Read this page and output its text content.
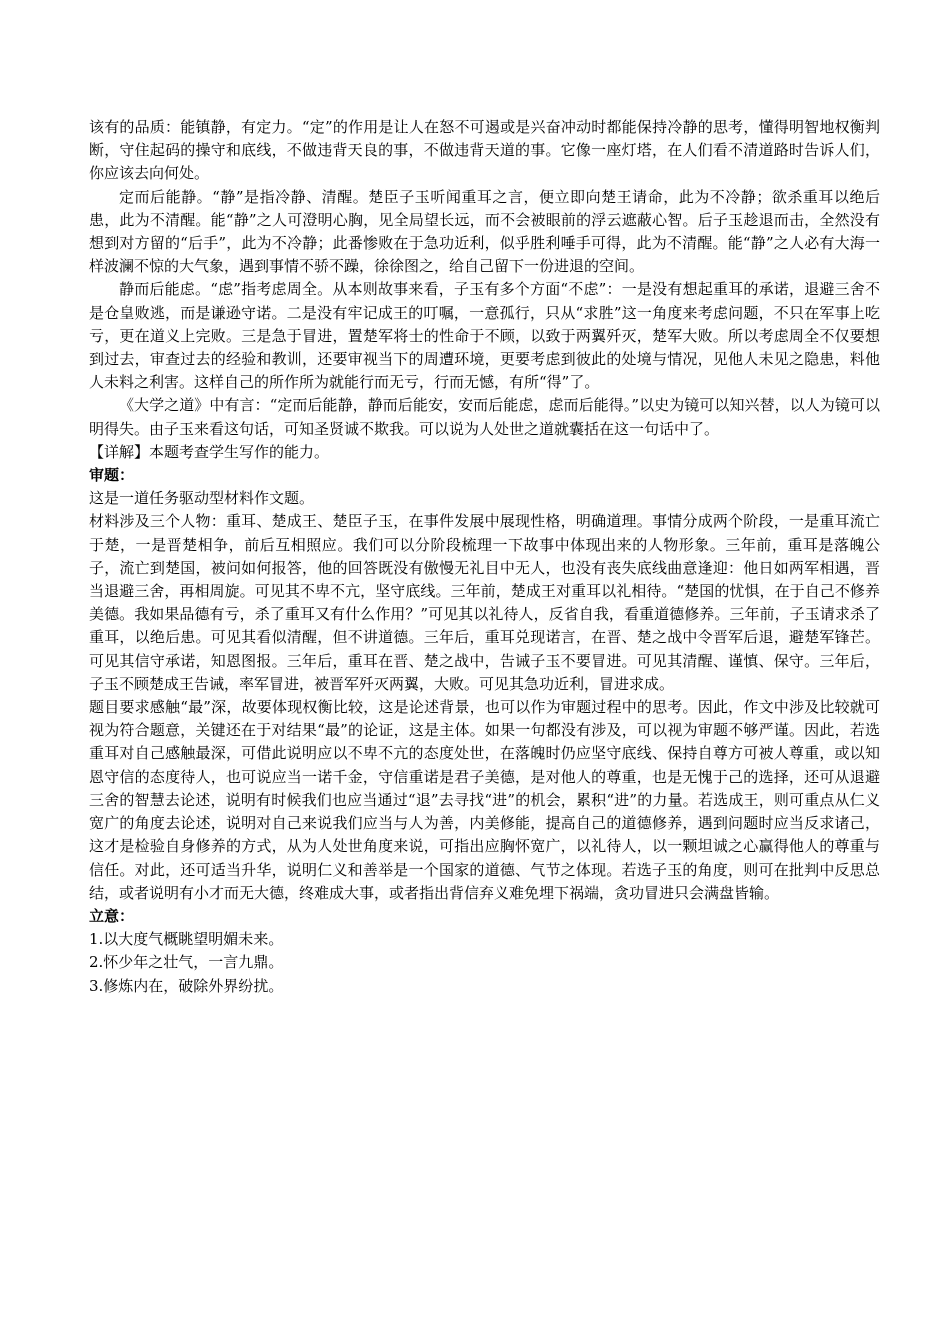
该有的品质：能镇静，有定力。“定”的作用是让人在怒不可遏或是兴奋冲动时都能保持冷静的思考，懂得明智地权衡判断，守住起码的操守和底线，不做违背天良的事，不做违背天道的事。它像一座灯塔，在人们看不清道路时告诉人们，你应该去向何处。

定而后能静。“静”是指冷静、清醒。楚臣子玉听闻重耳之言，便立即向楚王请命，此为不冷静；欲杀重耳以绝后患，此为不清醒。能“静”之人可澄明心胸，见全局望长远，而不会被眼前的浮云遮蔽心智。后子玉趁退而击，全然没有想到对方留的“后手”，此为不冷静；此番惨败在于急功近利，似乎胜利唾手可得，此为不清醒。能“静”之人必有大海一样波澜不惊的大气象，遇到事情不骄不躁，徐徐图之，给自己留下一份进退的空间。

静而后能虑。“虑”指考虑周全。从本则故事来看，子玉有多个方面“不虑”：一是没有想起重耳的承诺，退避三舍不是仓皇败逃，而是谦逊守诺。二是没有牢记成王的叮嘱，一意孤行，只从“求胜”这一角度来考虑问题，不只在军事上吃亏，更在道义上完败。三是急于冒进，置楚军将士的性命于不顾，以致于两翼歼灭，楚军大败。所以考虑周全不仅要想到过去，审查过去的经验和教训，还要审视当下的周遭环境，更要考虑到彼此的处境与情况，见他人未见之隐患，料他人未料之利害。这样自己的所作所为就能行而无亏，行而无憾，有所“得”了。

《大学之道》中有言：“定而后能静，静而后能安，安而后能虑，虑而后能得。”以史为镜可以知兴替，以人为镜可以明得失。由子玉来看这句话，可知圣贤诚不欺我。可以说为人处世之道就囊括在这一句话中了。

【详解】本题考查学生写作的能力。

审题：

这是一道任务驱动型材料作文题。

材料涉及三个人物：重耳、楚成王、楚臣子玉，在事件发展中展现性格，明确道理。事情分成两个阶段，一是重耳流亡于楚，一是晋楚相争，前后互相照应。我们可以分阶段梳理一下故事中体现出来的人物形象。三年前，重耳是落魄公子，流亡到楚国，被问如何报答，他的回答既没有傲慢无礼目中无人，也没有丧失底线曲意逢迎：他日如两军相遇，晋当退避三舍，再相周旋。可见其不卑不亢，坚守底线。三年前，楚成王对重耳以礼相待。“楚国的忧惧，在于自己不修养美德。我如果品德有亏，杀了重耳又有什么作用？”可见其以礼待人，反省自我，看重道德修养。三年前，子玉请求杀了重耳，以绝后患。可见其看似清醒，但不讲道德。三年后，重耳兑现诺言，在晋、楚之战中令晋军后退，避楚军锋芒。可见其信守承诺，知恩图报。三年后，重耳在晋、楚之战中，告诫子玉不要冒进。可见其清醒、谨慎、保守。三年后，子玉不顾楚成王告诫，率军冒进，被晋军歼灭两翼，大败。可见其急功近利，冒进求成。

题目要求感触“最”深，故要体现权衡比较，这是论述背景，也可以作为审题过程中的思考。因此，作文中涉及比较就可视为符合题意，关键还在于对结果“最”的论证，这是主体。如果一句都没有涉及，可以视为审题不够严谨。因此，若选重耳对自己感触最深，可借此说明应以不卑不亢的态度处世，在落魄时仍应坚守底线、保持自尊方可被人尊重，或以知恩守信的态度待人，也可说应当一诺千金，守信重诺是君子美德，是对他人的尊重，也是无愧于己的选择，还可从退避三舍的智慧去论述，说明有时候我们也应当通过“退”去寻找“进”的机会，累积“进”的力量。若选成王，则可重点从仁义宽广的角度去论述，说明对自己来说我们应当与人为善，内美修能，提高自己的道德修养，遇到问题时应当反求诸己，这才是检验自身修养的方式，从为人处世角度来说，可指出应胸怀宽广，以礼待人，以一颗坦诚之心赢得他人的尊重与信任。对此，还可适当升华，说明仁义和善举是一个国家的道德、气节之体现。若选子玉的角度，则可在批判中反思总结，或者说明有小才而无大德，终难成大事，或者指出背信弃义难免埋下祸端，贪功冒进只会满盘皆输。

立意：

1.以大度气概眺望明媚未来。

2.怀少年之壮气，一言九鼎。

3.修炼内在，破除外界纷扰。
